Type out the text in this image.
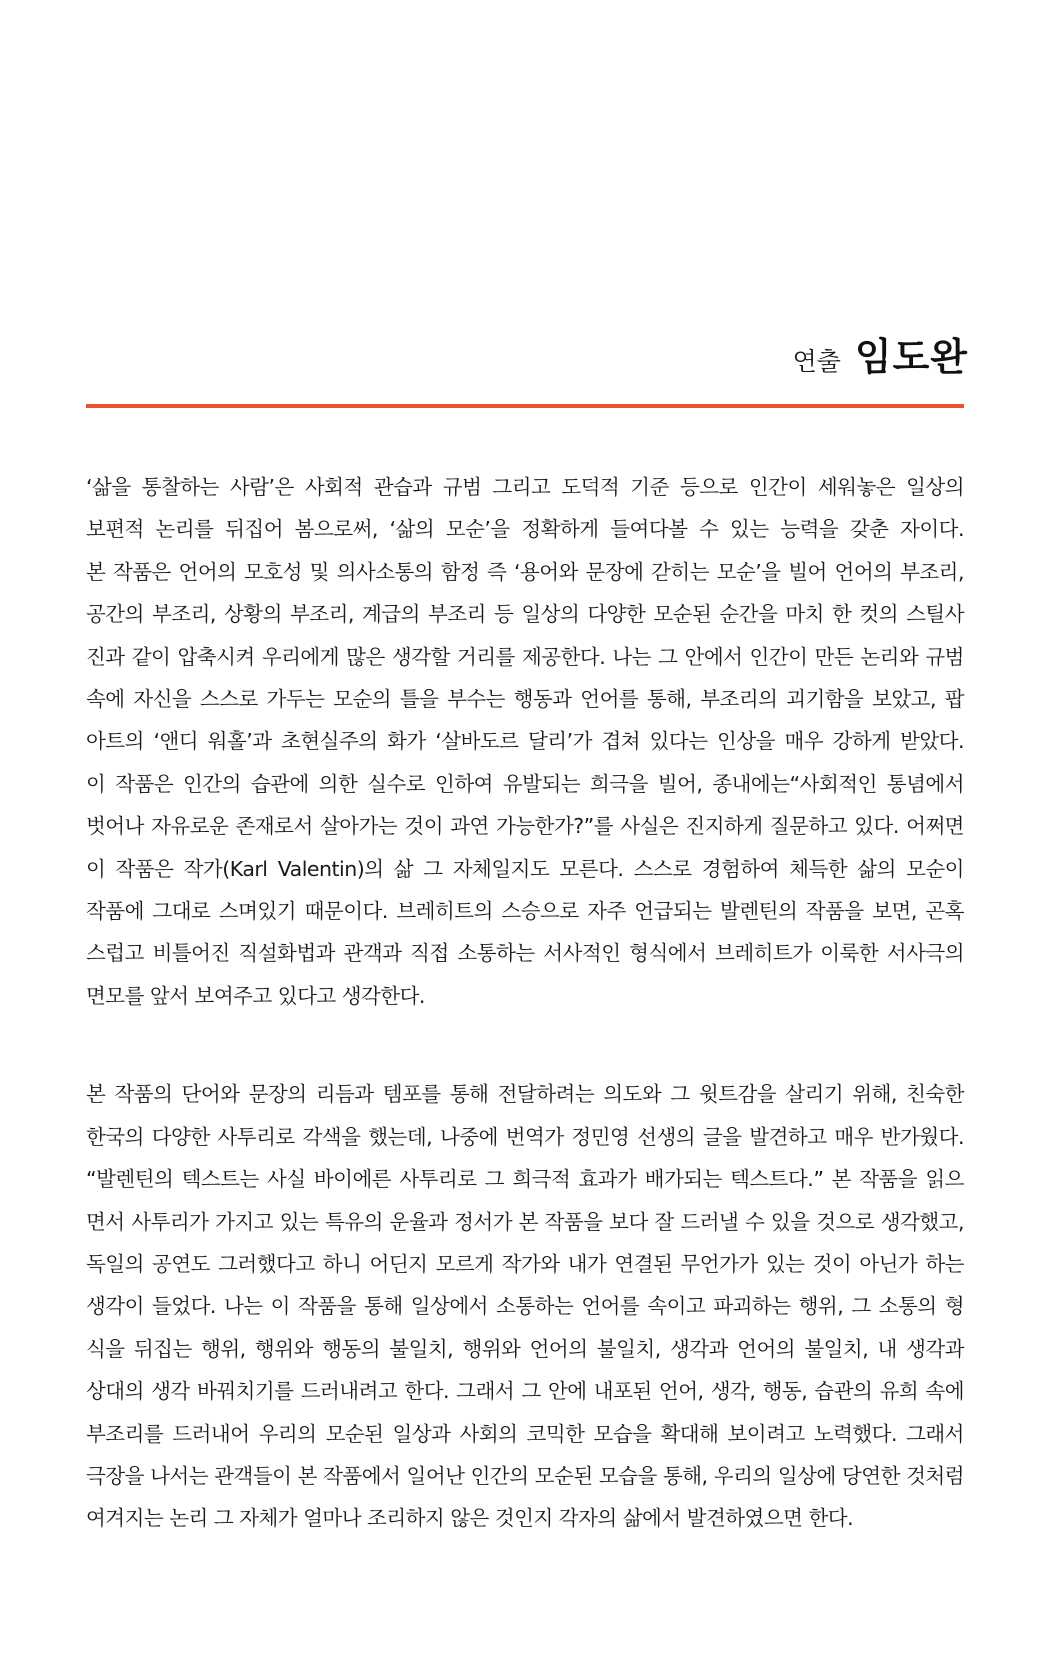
연출 임도완

‘삶을 통찰하는 사람’은 사회적 관습과 규범 그리고 도덕적 기준 등으로 인간이 세워놓은 일상의
보편적 논리를 뒤집어 봄으로써, ‘삶의 모순’을 정확하게 들여다볼 수 있는 능력을 갖춘 자이다.
본 작품은 언어의 모호성 및 의사소통의 함정 즉 ‘용어와 문장에 갇히는 모순’을 빌어 언어의 부조리,
공간의 부조리, 상황의 부조리, 계급의 부조리 등 일상의 다양한 모순된 순간을 마치 한 컷의 스틸사
진과 같이 압축시켜 우리에게 많은 생각할 거리를 제공한다. 나는 그 안에서 인간이 만든 논리와 규범
속에 자신을 스스로 가두는 모순의 틀을 부수는 행동과 언어를 통해, 부조리의 괴기함을 보았고, 팝
아트의 ‘앤디 워홀’과 초현실주의 화가 ‘살바도르 달리’가 겹쳐 있다는 인상을 매우 강하게 받았다.
이 작품은 인간의 습관에 의한 실수로 인하여 유발되는 희극을 빌어, 종내에는“사회적인 통념에서
벗어나 자유로운 존재로서 살아가는 것이 과연 가능한가?”를 사실은 진지하게 질문하고 있다. 어쩌면
이 작품은 작가(Karl Valentin)의 삶 그 자체일지도 모른다. 스스로 경험하여 체득한 삶의 모순이
작품에 그대로 스며있기 때문이다. 브레히트의 스승으로 자주 언급되는 발렌틴의 작품을 보면, 곤혹
스럽고 비틀어진 직설화법과 관객과 직접 소통하는 서사적인 형식에서 브레히트가 이룩한 서사극의
면모를 앞서 보여주고 있다고 생각한다.

본 작품의 단어와 문장의 리듬과 템포를 통해 전달하려는 의도와 그 윗트감을 살리기 위해, 친숙한
한국의 다양한 사투리로 각색을 했는데, 나중에 번역가 정민영 선생의 글을 발견하고 매우 반가웠다.
“발렌틴의 텍스트는 사실 바이에른 사투리로 그 희극적 효과가 배가되는 텍스트다.” 본 작품을 읽으
면서 사투리가 가지고 있는 특유의 운율과 정서가 본 작품을 보다 잘 드러낼 수 있을 것으로 생각했고,
독일의 공연도 그러했다고 하니 어딘지 모르게 작가와 내가 연결된 무언가가 있는 것이 아닌가 하는
생각이 들었다. 나는 이 작품을 통해 일상에서 소통하는 언어를 속이고 파괴하는 행위, 그 소통의 형
식을 뒤집는 행위, 행위와 행동의 불일치, 행위와 언어의 불일치, 생각과 언어의 불일치, 내 생각과
상대의 생각 바꿔치기를 드러내려고 한다. 그래서 그 안에 내포된 언어, 생각, 행동, 습관의 유희 속에
부조리를 드러내어 우리의 모순된 일상과 사회의 코믹한 모습을 확대해 보이려고 노력했다. 그래서
극장을 나서는 관객들이 본 작품에서 일어난 인간의 모순된 모습을 통해, 우리의 일상에 당연한 것처럼
여겨지는 논리 그 자체가 얼마나 조리하지 않은 것인지 각자의 삶에서 발견하였으면 한다.
